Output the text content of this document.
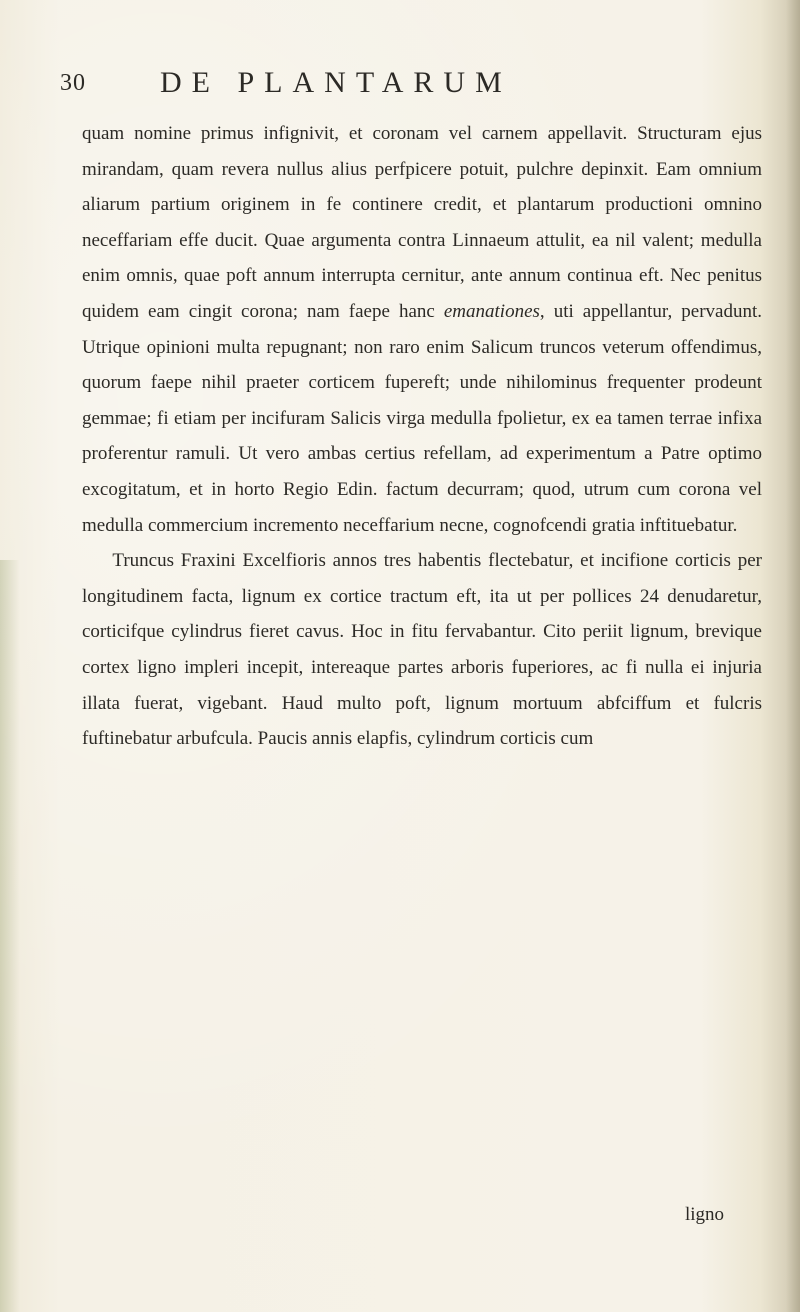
30 DE PLANTARUM

quam nomine primus infignivit, et coronam vel carnem appellavit. Structuram ejus mirandam, quam revera nullus alius perfpicere potuit, pulchre depinxit. Eam omnium aliarum partium originem in fe continere credit, et plantarum productioni omnino neceffariam effe ducit. Quae argumenta contra Linnaeum attulit, ea nil valent; medulla enim omnis, quae poft annum interrupta cernitur, ante annum continua eft. Nec penitus quidem eam cingit corona; nam faepe hanc emanationes, uti appellantur, pervadunt. Utrique opinioni multa repugnant; non raro enim Salicum truncos veterum offendimus, quorum faepe nihil praeter corticem fupereft; unde nihilominus frequenter prodeunt gemmae; fi etiam per incifuram Salicis virga medulla fpolietur, ex ea tamen terrae infixa proferentur ramuli. Ut vero ambas certius refellam, ad experimentum a Patre optimo excogitatum, et in horto Regio Edin. factum decurram; quod, utrum cum corona vel medulla commercium incremento neceffarium necne, cognofcendi gratia inftituebatur.

Truncus Fraxini Excelfioris annos tres habentis flectebatur, et incifione corticis per longitudinem facta, lignum ex cortice tractum eft, ita ut per pollices 24 denudaretur, corticifque cylindrus fieret cavus. Hoc in fitu fervabantur. Cito periit lignum, brevique cortex ligno impleri incepit, intereaque partes arboris fuperiores, ac fi nulla ei injuria illata fuerat, vigebant. Haud multo poft, lignum mortuum abfciffum et fulcris fuftinebatur arbufcula. Paucis annis elapfis, cylindrum corticis cum

ligno
